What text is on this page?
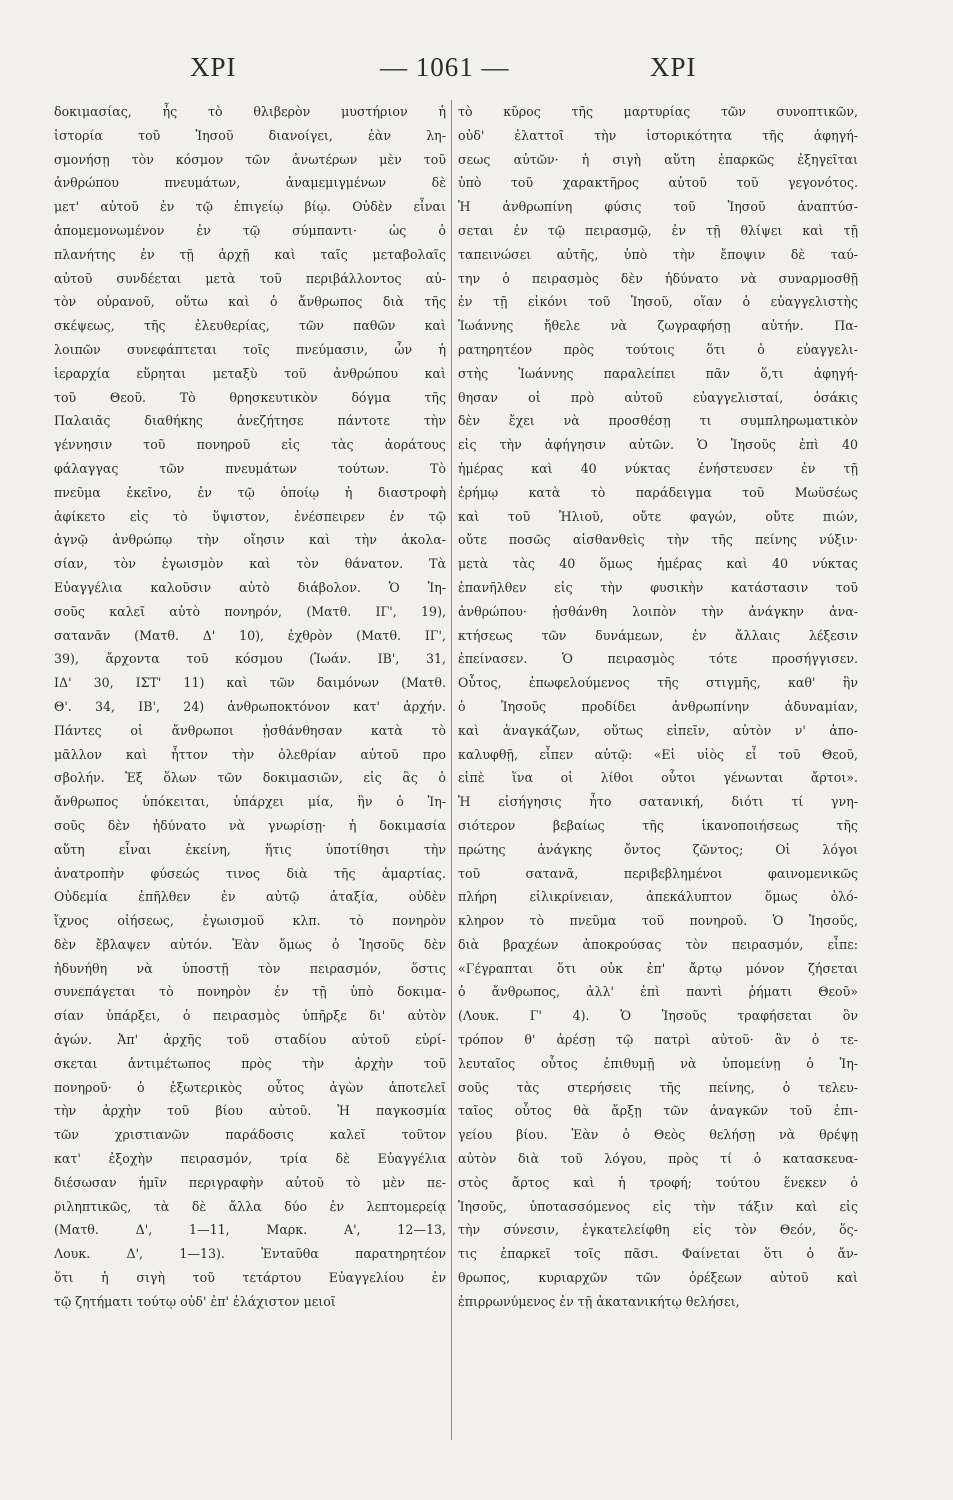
XPI	— 1061 —	XPI
δοκιμασίας, ἧς τὸ θλιβερὸν μυστήριον ἡ
ἱστορία τοῦ Ἰησοῦ διανοίγει, ἐὰν λη-
σμονήσῃ τὸν κόσμον τῶν ἀνωτέρων μὲν τοῦ
ἀνθρώπου πνευμάτων, ἀναμεμιγμένων δὲ
μετ' αὐτοῦ ἐν τῷ ἐπιγείῳ βίῳ. Οὐδὲν εἶναι
ἀπομεμονωμένον ἐν τῷ σύμπαντι· ὡς ὁ
πλανήτης ἐν τῇ ἀρχῇ καὶ ταῖς μεταβολαῖς
αὐτοῦ συνδέεται μετὰ τοῦ περιβάλλοντος αὐ-
τὸν οὐρανοῦ, οὕτω καὶ ὁ ἄνθρωπος διὰ τῆς
σκέψεως, τῆς ἐλευθερίας, τῶν παθῶν καὶ
λοιπῶν συνεφάπτεται τοῖς πνεύμασιν, ὧν ἡ
ἱεραρχία εὕρηται μεταξὺ τοῦ ἀνθρώπου καὶ
τοῦ Θεοῦ. Τὸ θρησκευτικὸν δόγμα τῆς
Παλαιᾶς διαθήκης ἀνεζήτησε πάντοτε τὴν
γέννησιν τοῦ πονηροῦ εἰς τὰς ἀοράτους
φάλαγγας τῶν πνευμάτων τούτων. Τὸ
πνεῦμα ἐκεῖνο, ἐν τῷ ὁποίῳ ἡ διαστροφὴ
ἀφίκετο εἰς τὸ ὕψιστον, ἐνέσπειρεν ἐν τῷ
ἁγνῷ ἀνθρώπῳ τὴν οἴησιν καὶ τὴν ἀκολα-
σίαν, τὸν ἐγωισμὸν καὶ τὸν θάνατον. Τὰ
Εὐαγγέλια καλοῦσιν αὐτὸ διάβολον. Ὁ Ἰη-
σοῦς καλεῖ αὐτὸ πονηρόν, (Ματθ. ΙΓ', 19),
σατανᾶν (Ματθ. Δ' 10), ἐχθρὸν (Ματθ. ΙΓ',
39), ἄρχοντα τοῦ κόσμου (Ἰωάν. ΙΒ', 31,
ΙΔ' 30, ΙΣΤ' 11) καὶ τῶν δαιμόνων (Ματθ.
Θ'. 34, ΙΒ', 24) ἀνθρωποκτόνον κατ' ἀρχήν.
Πάντες οἱ ἄνθρωποι ᾐσθάνθησαν κατὰ τὸ
μᾶλλον καὶ ἧττον τὴν ὀλεθρίαν αὐτοῦ προ
σβολήν. Ἐξ ὅλων τῶν δοκιμασιῶν, εἰς ἃς ὁ
ἄνθρωπος ὑπόκειται, ὑπάρχει μία, ἣν ὁ Ἰη-
σοῦς δὲν ἠδύνατο νὰ γνωρίσῃ· ἡ δοκιμασία
αὕτη εἶναι ἐκείνη, ἥτις ὑποτίθησι τὴν
ἀνατροπὴν φύσεώς τινος διὰ τῆς ἁμαρτίας.
Οὐδεμία ἐπῆλθεν ἐν αὐτῷ ἀταξία, οὐδὲν
ἴχνος οἰήσεως, ἐγωισμοῦ κλπ. τὸ πονηρὸν
δὲν ἔβλαψεν αὐτόν. Ἐὰν ὅμως ὁ Ἰησοῦς δὲν
ἠδυνήθη νὰ ὑποστῇ τὸν πειρασμόν, ὅστις
συνεπάγεται τὸ πονηρὸν ἐν τῇ ὑπὸ δοκιμα-
σίαν ὑπάρξει, ὁ πειρασμὸς ὑπῆρξε δι' αὐτὸν
ἀγών. Ἀπ' ἀρχῆς τοῦ σταδίου αὐτοῦ εὑρί-
σκεται ἀντιμέτωπος πρὸς τὴν ἀρχὴν τοῦ
πονηροῦ· ὁ ἐξωτερικὸς οὗτος ἀγὼν ἀποτελεῖ
τὴν ἀρχὴν τοῦ βίου αὐτοῦ. Ἡ παγκοσμία
τῶν χριστιανῶν παράδοσις καλεῖ τοῦτον
κατ' ἐξοχὴν πειρασμόν, τρία δὲ Εὐαγγέλια
διέσωσαν ἡμῖν περιγραφὴν αὐτοῦ τὸ μὲν πε-
ριληπτικῶς, τὰ δὲ ἄλλα δύο ἐν λεπτομερείᾳ
(Ματθ. Δ', 1—11, Μαρκ. Α', 12—13,
Λουκ. Δ', 1—13). Ἐνταῦθα παρατηρητέον
ὅτι ἡ σιγὴ τοῦ τετάρτου Εὐαγγελίου ἐν
τῷ ζητήματι τούτῳ οὐδ' ἐπ' ἐλάχιστον μειοῖ
τὸ κῦρος τῆς μαρτυρίας τῶν συνοπτικῶν,
οὐδ' ἐλαττοῖ τὴν ἱστορικότητα τῆς ἀφηγή-
σεως αὐτῶν· ἡ σιγὴ αὕτη ἐπαρκῶς ἐξηγεῖται
ὑπὸ τοῦ χαρακτῆρος αὐτοῦ τοῦ γεγονότος.
Ἡ ἀνθρωπίνη φύσις τοῦ Ἰησοῦ ἀναπτύσ-
σεται ἐν τῷ πειρασμῷ, ἐν τῇ θλίψει καὶ τῇ
ταπεινώσει αὐτῆς, ὑπὸ τὴν ἔποψιν δὲ ταύ-
την ὁ πειρασμὸς δὲν ἠδύνατο νὰ συναρμοσθῇ
ἐν τῇ εἰκόνι τοῦ Ἰησοῦ, οἵαν ὁ εὐαγγελιστὴς
Ἰωάννης ἤθελε νὰ ζωγραφήσῃ αὐτήν. Πα-
ρατηρητέον πρὸς τούτοις ὅτι ὁ εὐαγγελι-
στὴς Ἰωάννης παραλείπει πᾶν ὅ,τι ἀφηγή-
θησαν οἱ πρὸ αὐτοῦ εὐαγγελισταί, ὁσάκις
δὲν ἔχει νὰ προσθέσῃ τι συμπληρωματικὸν
εἰς τὴν ἀφήγησιν αὐτῶν. Ὁ Ἰησοῦς ἐπὶ 40
ἡμέρας καὶ 40 νύκτας ἐνήστευσεν ἐν τῇ
ἐρήμῳ κατὰ τὸ παράδειγμα τοῦ Μωϋσέως
καὶ τοῦ Ἠλιοῦ, οὔτε φαγών, οὔτε πιών,
οὔτε ποσῶς αἰσθανθεὶς τὴν τῆς πείνης νύξιν·
μετὰ τὰς 40 ὅμως ἡμέρας καὶ 40 νύκτας
ἐπανῆλθεν εἰς τὴν φυσικὴν κατάστασιν τοῦ
ἀνθρώπου· ᾐσθάνθη λοιπὸν τὴν ἀνάγκην ἀνα-
κτήσεως τῶν δυνάμεων, ἐν ἄλλαις λέξεσιν
ἐπείνασεν. Ὁ πειρασμὸς τότε προσήγγισεν.
Οὗτος, ἐπωφελούμενος τῆς στιγμῆς, καθ' ἣν
ὁ Ἰησοῦς προδίδει ἀνθρωπίνην ἀδυναμίαν,
καὶ ἀναγκάζων, οὕτως εἰπεῖν, αὐτὸν ν' ἀπο-
καλυφθῇ, εἶπεν αὐτῷ: «Εἰ υἱὸς εἶ τοῦ Θεοῦ,
εἰπὲ ἵνα οἱ λίθοι οὗτοι γένωνται ἄρτοι».
Ἡ εἰσήγησις ἦτο σατανική, διότι τί γνη-
σιότερον βεβαίως τῆς ἱκανοποιήσεως τῆς
πρώτης ἀνάγκης ὄντος ζῶντος; Οἱ λόγοι
τοῦ σατανᾶ, περιβεβλημένοι φαινομενικῶς
πλήρη εἰλικρίνειαν, ἀπεκάλυπτον ὅμως ὁλό-
κληρον τὸ πνεῦμα τοῦ πονηροῦ. Ὁ Ἰησοῦς,
διὰ βραχέων ἀποκρούσας τὸν πειρασμόν, εἶπε:
«Γέγραπται ὅτι οὐκ ἐπ' ἄρτῳ μόνον ζήσεται
ὁ ἄνθρωπος, ἀλλ' ἐπὶ παντὶ ῥήματι Θεοῦ»
(Λουκ. Γ' 4). Ὁ Ἰησοῦς τραφήσεται ὃν
τρόπον θ' ἀρέσῃ τῷ πατρὶ αὐτοῦ· ἂν ὁ τε-
λευταῖος οὗτος ἐπιθυμῇ νὰ ὑπομείνῃ ὁ Ἰη-
σοῦς τὰς στερήσεις τῆς πείνης, ὁ τελευ-
ταῖος οὗτος θὰ ἄρξῃ τῶν ἀναγκῶν τοῦ ἐπι-
γείου βίου. Ἐὰν ὁ Θεὸς θελήσῃ νὰ θρέψῃ
αὐτὸν διὰ τοῦ λόγου, πρὸς τί ὁ κατασκευα-
στὸς ἄρτος καὶ ἡ τροφή; τούτου ἕνεκεν ὁ
Ἰησοῦς, ὑποτασσόμενος εἰς τὴν τάξιν καὶ εἰς
τὴν σύνεσιν, ἐγκατελείφθη εἰς τὸν Θεόν, ὅς-
τις ἐπαρκεῖ τοῖς πᾶσι. Φαίνεται ὅτι ὁ ἄν-
θρωπος, κυριαρχῶν τῶν ὀρέξεων αὐτοῦ καὶ
ἐπιρρωνύμενος ἐν τῇ ἀκατανικήτῳ θελήσει,
